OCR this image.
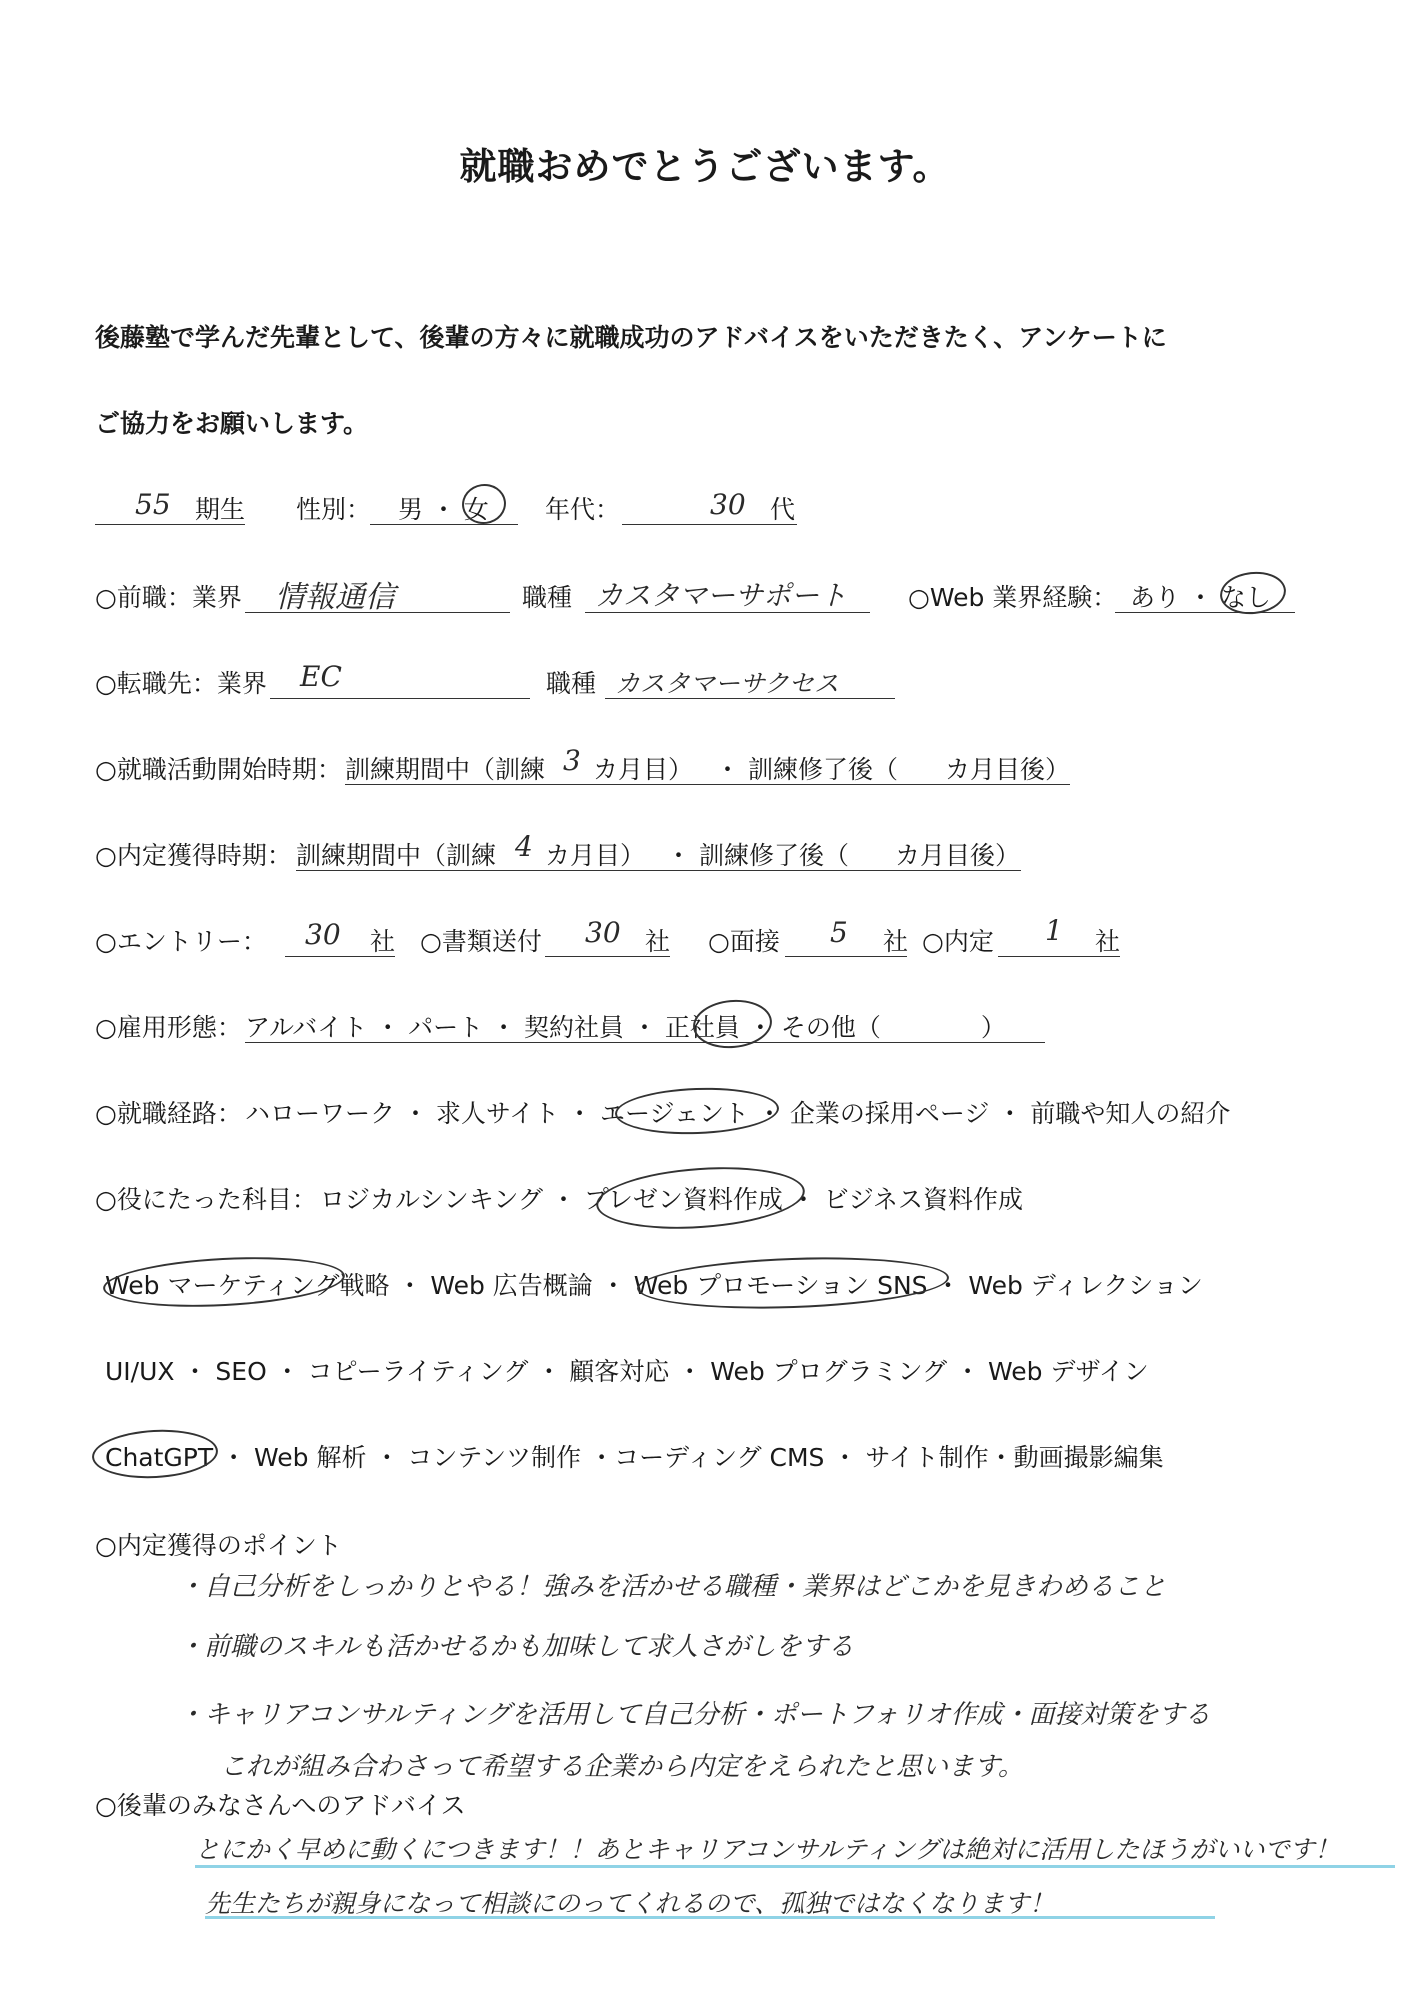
就職おめでとうございます。
後藤塾で学んだ先輩として、後輩の方々に就職成功のアドバイスをいただきたく、アンケートに
ご協力をお願いします。
55 期生 性別： 男 ・ 女 年代：	30 代
○前職：業界 情報通信	職種 カスタマーサポート ○Web 業界経験： あり ・ なし
○転職先：業界 EC	職種 カスタマーサクセス
○就職活動開始時期： 訓練期間中（訓練 3 カ月目） ・ 訓練修了後（ カ月目後）
○内定獲得時期： 訓練期間中（訓練 4 カ月目） ・ 訓練修了後（ カ月目後）
○エントリー： 30 社 ○書類送付 30 社 ○面接 5 社 ○内定 1 社
○雇用形態： アルバイト ・ パート ・ 契約社員 ・ 正社員 ・ その他（　　　　）
○就職経路： ハローワーク ・ 求人サイト ・ エージェント ・ 企業の採用ページ ・ 前職や知人の紹介
○役にたった科目： ロジカルシンキング ・ プレゼン資料作成 ・ ビジネス資料作成
Web マーケティング戦略 ・ Web 広告概論 ・ Web プロモーション SNS ・ Web ディレクション
UI/UX ・ SEO ・ コピーライティング ・ 顧客対応 ・ Web プログラミング ・ Web デザイン
ChatGPT ・ Web 解析 ・ コンテンツ制作 ・コーディング CMS ・ サイト制作・動画撮影編集
○内定獲得のポイント
・自己分析をしっかりとやる！強みを活かせる職種・業界はどこかを見きわめること
・前職のスキルも活かせるかも加味して求人さがしをする
・キャリアコンサルティングを活用して自己分析・ポートフォリオ作成・面接対策をする
これが組み合わさって希望する企業から内定をえられたと思います。
○後輩のみなさんへのアドバイス
とにかく早めに動くにつきます！！あとキャリアコンサルティングは絶対に活用したほうがいいです！
先生たちが親身になって相談にのってくれるので、孤独ではなくなります！
